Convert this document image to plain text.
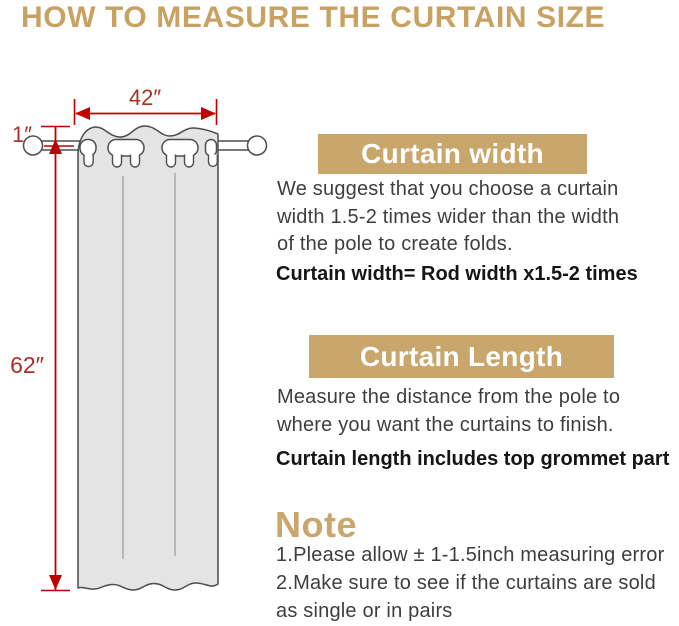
HOW TO MEASURE THE CURTAIN SIZE
42″
1″
62″
Curtain width

We suggest that you choose a curtain width 1.5-2 times wider than the width of the pole to create folds.

Curtain width= Rod width x1.5-2 times

Curtain Length

Measure the distance from the pole to where you want the curtains to finish.

Curtain length includes top grommet part

Note
1.Please allow ± 1-1.5inch measuring error
2.Make sure to see if the curtains are sold as single or in pairs
